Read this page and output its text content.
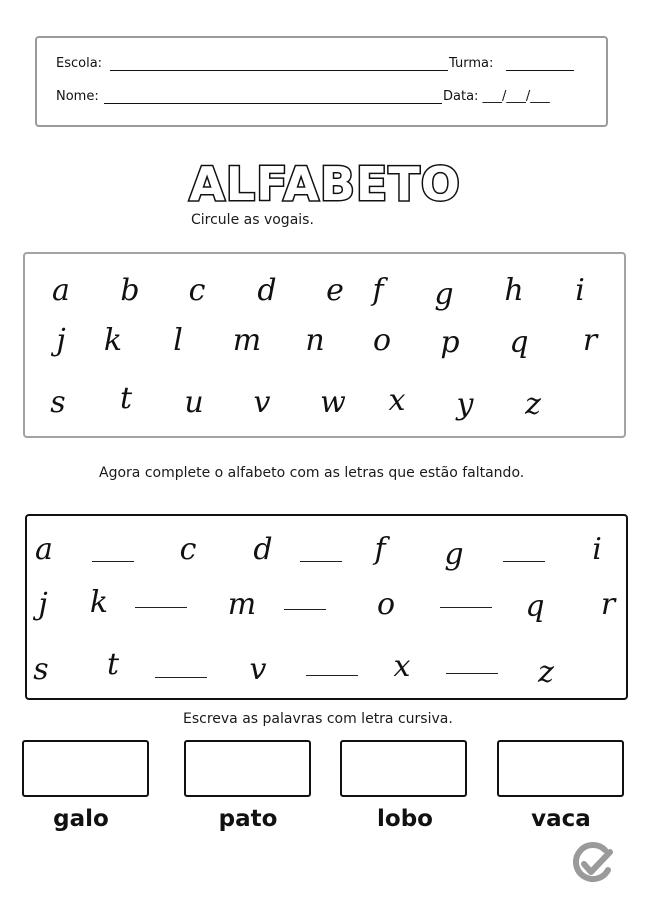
Escola:	Turma:
Nome:	Data: ___/___/___
ALFABETO
Circule as vogais.
a b c d e f g h i
j k l m n o p q r
s t u v w x y z
Agora complete o alfabeto com as letras que estão faltando.
a	c d	f g	i
j k	m	o	q r
s t	v	x	z
Escreva as palavras com letra cursiva.
galo	pato	lobo	vaca
